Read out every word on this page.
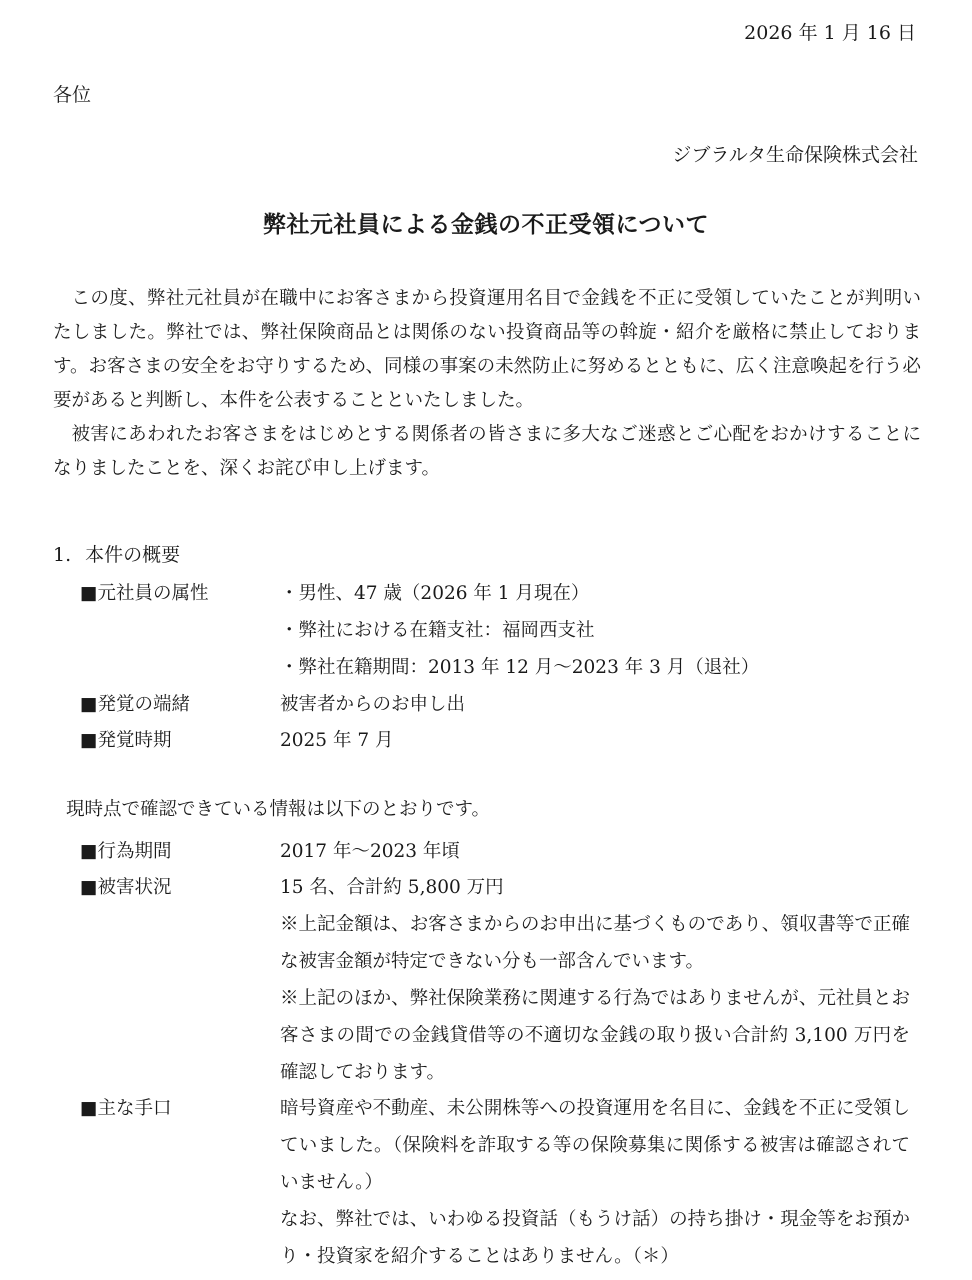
2026 年 1 月 16 日
各位
ジブラルタ生命保険株式会社
弊社元社員による金銭の不正受領について

この度、弊社元社員が在職中にお客さまから投資運用名目で金銭を不正に受領していたことが判明いたしました。弊社では、弊社保険商品とは関係のない投資商品等の斡旋・紹介を厳格に禁止しております。お客さまの安全をお守りするため、同様の事案の未然防止に努めるとともに、広く注意喚起を行う必要があると判断し、本件を公表することといたしました。

被害にあわれたお客さまをはじめとする関係者の皆さまに多大なご迷惑とご心配をおかけすることになりましたことを、深くお詫び申し上げます。

1. 本件の概要
■元社員の属性	・男性、47 歳（2026 年 1 月現在）
・弊社における在籍支社：福岡西支社
・弊社在籍期間：2013 年 12 月～2023 年 3 月（退社）
■発覚の端緒	被害者からのお申し出
■発覚時期	2025 年 7 月
現時点で確認できている情報は以下のとおりです。
■行為期間	2017 年～2023 年頃
■被害状況	15 名、合計約 5,800 万円
※上記金額は、お客さまからのお申出に基づくものであり、領収書等で正確な被害金額が特定できない分も一部含んでいます。
※上記のほか、弊社保険業務に関連する行為ではありませんが、元社員とお客さまの間での金銭貸借等の不適切な金銭の取り扱い合計約 3,100 万円を確認しております。
■主な手口	暗号資産や不動産、未公開株等への投資運用を名目に、金銭を不正に受領していました。（保険料を詐取する等の保険募集に関係する被害は確認されていません。）
なお、弊社では、いわゆる投資話（もうけ話）の持ち掛け・現金等をお預かり・投資家を紹介することはありません。（＊）
